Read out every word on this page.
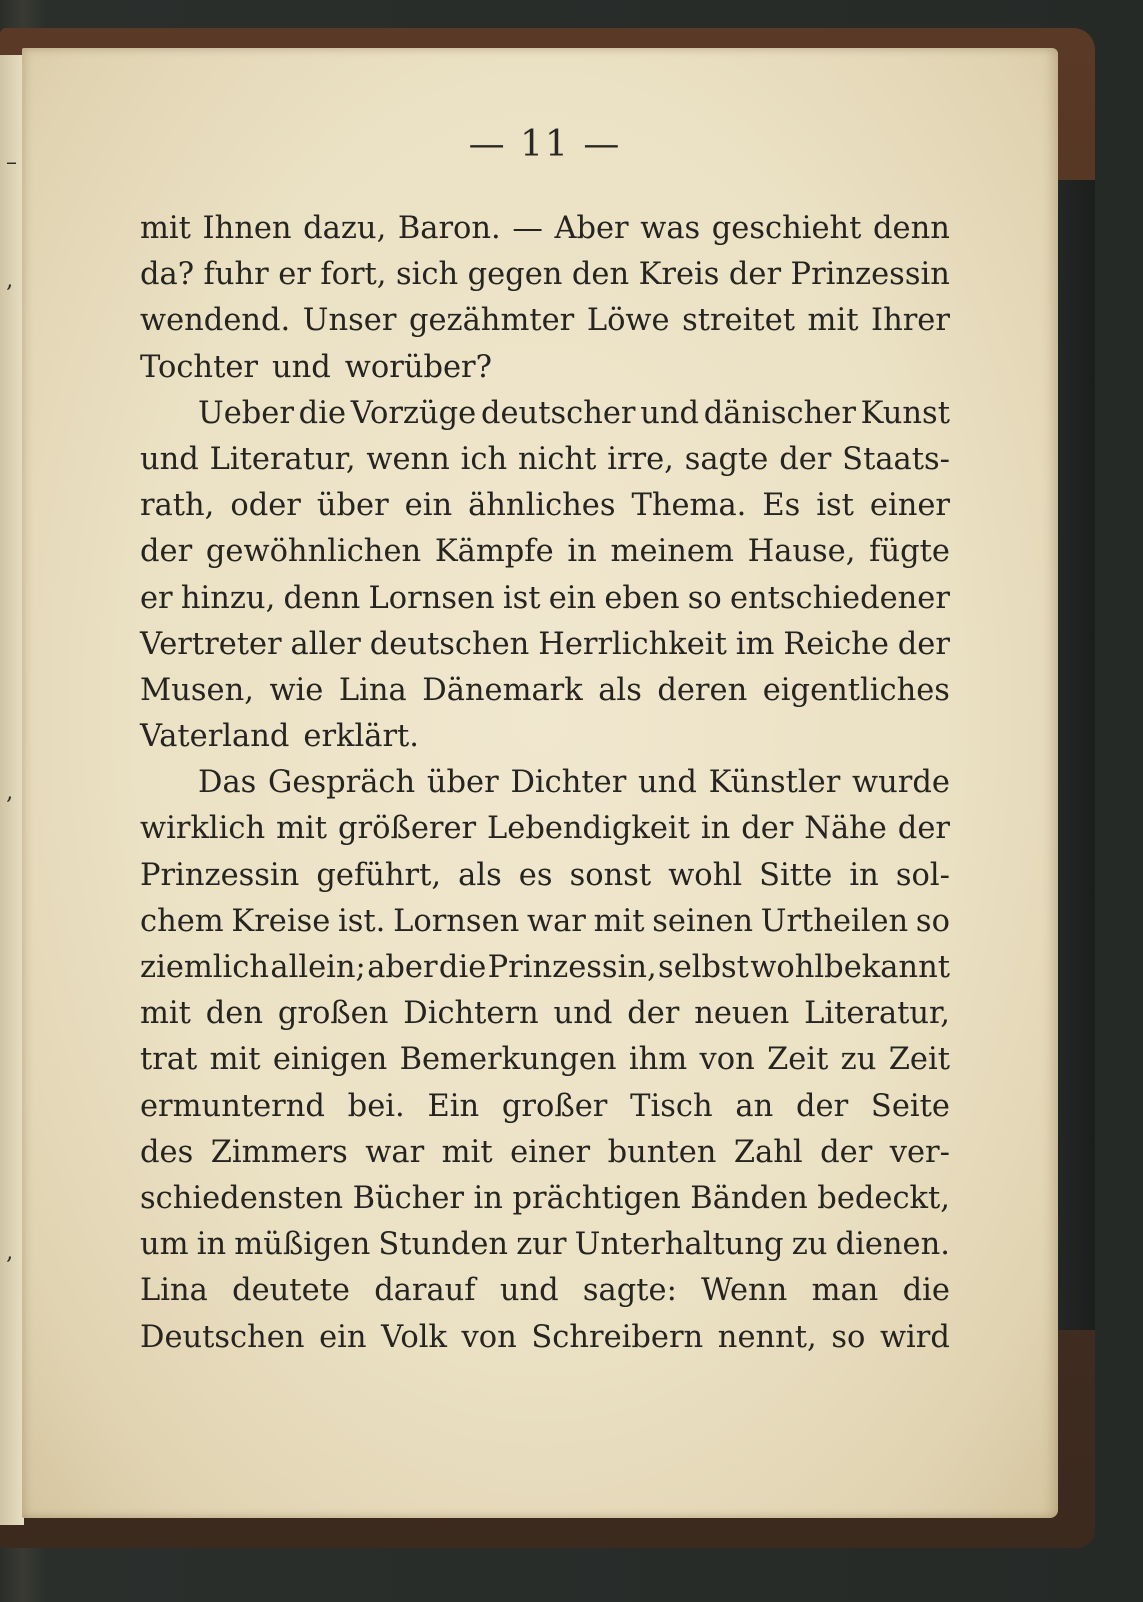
–
‚
‚
‚
— 11 —
mit Ihnen dazu, Baron. — Aber was geschieht denn
da? fuhr er fort, sich gegen den Kreis der Prinzessin
wendend. Unser gezähmter Löwe streitet mit Ihrer
Tochter und worüber?
Ueber die Vorzüge deutscher und dänischer Kunst
und Literatur, wenn ich nicht irre, sagte der Staats-
rath, oder über ein ähnliches Thema. Es ist einer
der gewöhnlichen Kämpfe in meinem Hause, fügte
er hinzu, denn Lornsen ist ein eben so entschiedener
Vertreter aller deutschen Herrlichkeit im Reiche der
Musen, wie Lina Dänemark als deren eigentliches
Vaterland erklärt.
Das Gespräch über Dichter und Künstler wurde
wirklich mit größerer Lebendigkeit in der Nähe der
Prinzessin geführt, als es sonst wohl Sitte in sol-
chem Kreise ist. Lornsen war mit seinen Urtheilen so
ziemlich allein; aber die Prinzessin, selbst wohlbekannt
mit den großen Dichtern und der neuen Literatur,
trat mit einigen Bemerkungen ihm von Zeit zu Zeit
ermunternd bei. Ein großer Tisch an der Seite
des Zimmers war mit einer bunten Zahl der ver-
schiedensten Bücher in prächtigen Bänden bedeckt,
um in müßigen Stunden zur Unterhaltung zu dienen.
Lina deutete darauf und sagte: Wenn man die
Deutschen ein Volk von Schreibern nennt, so wird
